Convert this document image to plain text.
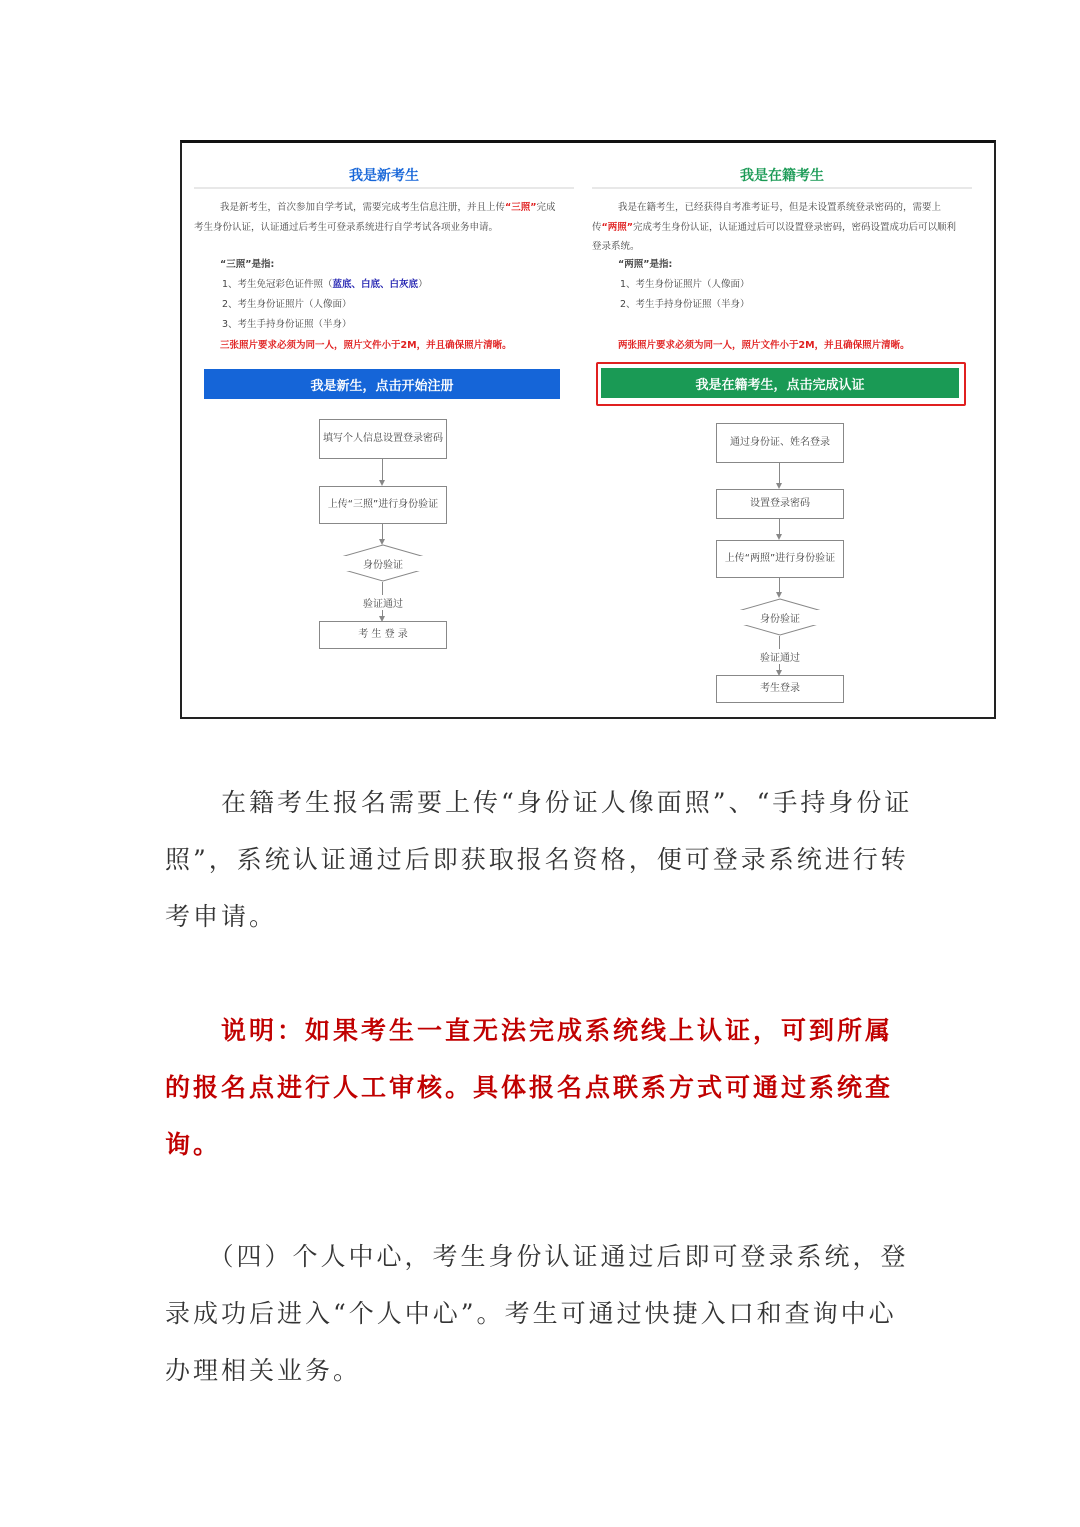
我是新考生
我是新考生，首次参加自学考试，需要完成考生信息注册，并且上传“三照”完成考生身份认证，认证通过后考生可登录系统进行自学考试各项业务申请。
“三照”是指:
1、考生免冠彩色证件照（蓝底、白底、白灰底）
2、考生身份证照片（人像面）
3、考生手持身份证照（半身）
三张照片要求必须为同一人，照片文件小于2M，并且确保照片清晰。
我是新生，点击开始注册
填写个人信息 设置登录密码
上传“三照” 进行身份验证
身份验证
验证通过
考 生 登 录
我是在籍考生
我是在籍考生，已经获得自考准考证号，但是未设置系统登录密码的，需要上传“两照”完成考生身份认证，认证通过后可以设置登录密码，密码设置成功后可以顺利登录系统。
“两照”是指:
1、考生身份证照片（人像面）
2、考生手持身份证照（半身）
两张照片要求必须为同一人，照片文件小于2M，并且确保照片清晰。
我是在籍考生，点击完成认证
通过身份证、姓名登录
设置登录密码
上传“两照” 进行身份验证
身份验证
验证通过
考生登录
　　在籍考生报名需要上传“身份证人像面照”、“手持身份证照”，系统认证通过后即获取报名资格，便可登录系统进行转考申请。
　　说明：如果考生一直无法完成系统线上认证，可到所属的报名点进行人工审核。具体报名点联系方式可通过系统查询。
　　（四）个人中心，考生身份认证通过后即可登录系统，登录成功后进入“个人中心”。考生可通过快捷入口和查询中心办理相关业务。
